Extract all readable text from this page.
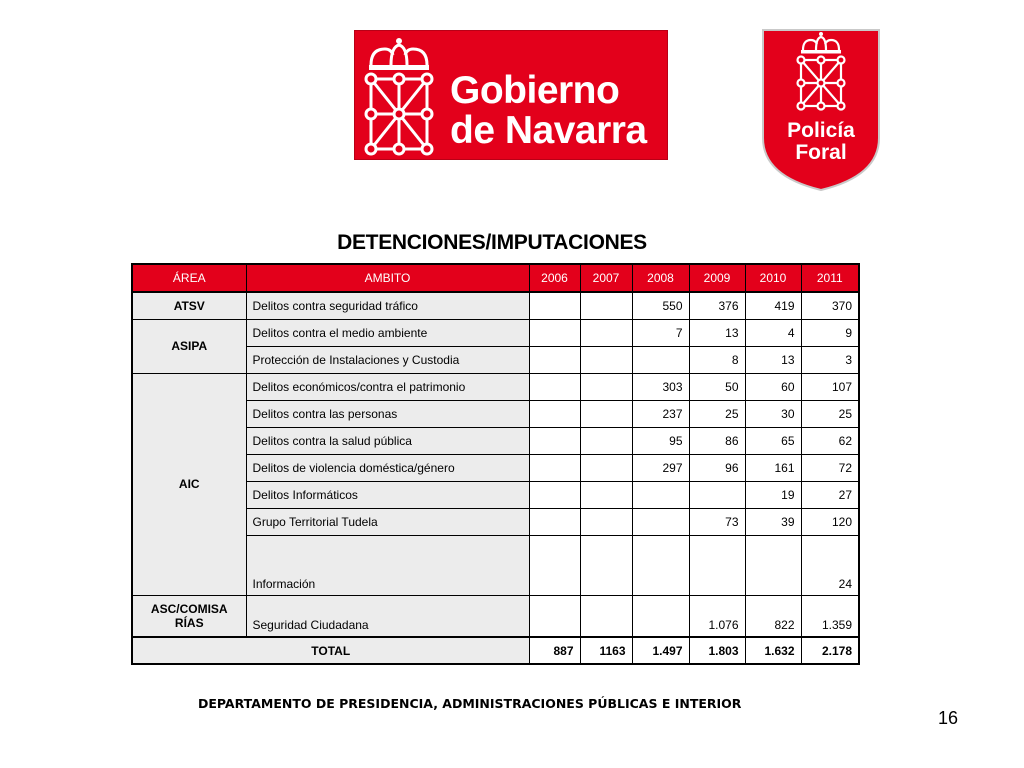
Gobierno
de Navarra	Policía
Foral
DETENCIONES/IMPUTACIONES
ÁREA	AMBITO	2006	2007	2008	2009	2010	2011
ATSV	Delitos contra seguridad tráfico			550	376	419	370
ASIPA	Delitos contra el medio ambiente			7	13	4	9
	Protección de Instalaciones y Custodia				8	13	3
AIC	Delitos económicos/contra el patrimonio			303	50	60	107
	Delitos contra las personas			237	25	30	25
	Delitos contra la salud pública			95	86	65	62
	Delitos de violencia doméstica/género			297	96	161	72
	Delitos Informáticos					19	27
	Grupo Territorial Tudela				73	39	120
	Información						24
ASC/COMISA RÍAS	Seguridad Ciudadana				1.076	822	1.359
TOTAL		887	1163	1.497	1.803	1.632	2.178
DEPARTAMENTO DE PRESIDENCIA, ADMINISTRACIONES PÚBLICAS E INTERIOR
16
